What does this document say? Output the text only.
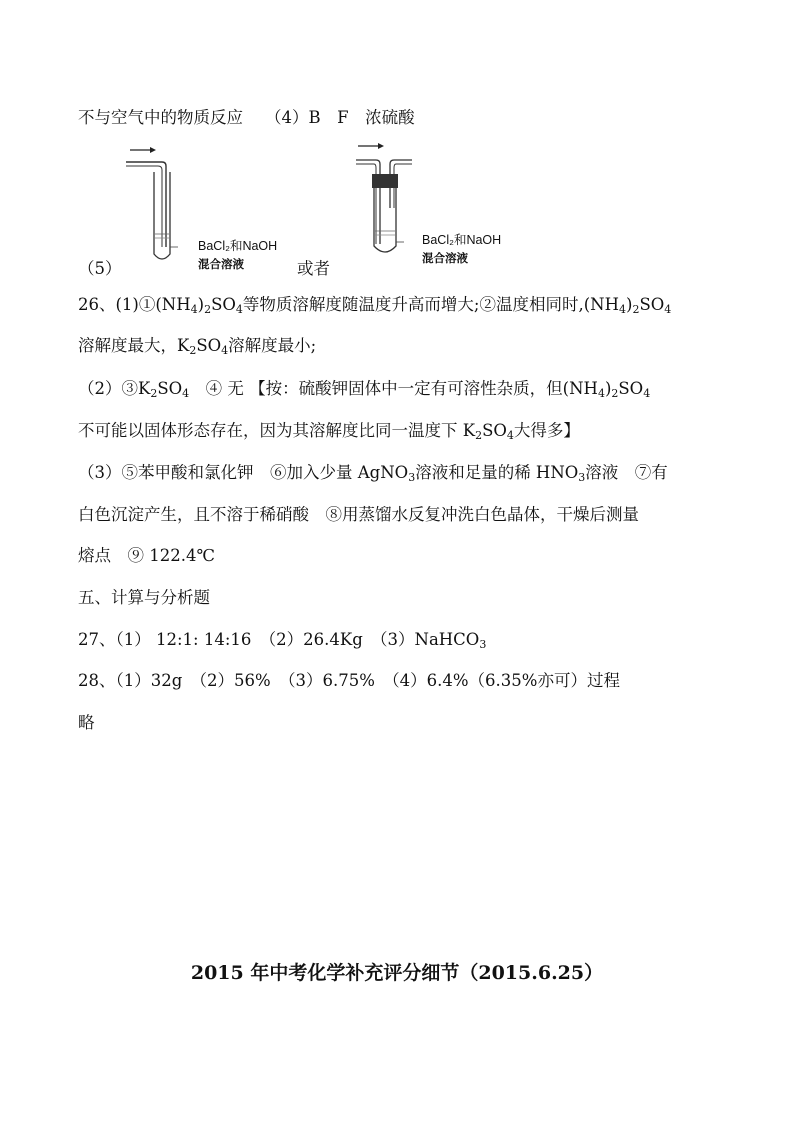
不与空气中的物质反应 （4）B　F　浓硫酸
BaCl₂和NaOH
混合溶液
BaCl₂和NaOH
混合溶液
（5）	或者
26、$(1)①(NH_4)_2SO_4$等物质溶解度随温度升高而增大;②温度相同时$,(NH_4)_2SO_4$
溶解度最大，$K_2SO_4$溶解度最小;
$(2)③K_2SO_4$　④ 无 【按：硫酸钾固体中一定有可溶性杂质，但$(NH_4)_2SO_4$
不可能以固体形态存在，因为其溶解度比同一温度下 $K_2SO_4$大得多】
（3）⑤苯甲酸和氯化钾　⑥加入少量 AgNO$_3$溶液和足量的稀 $HNO_3$溶液　⑦有
白色沉淀产生，且不溶于稀硝酸　⑧用蒸馏水反复冲洗白色晶体，干燥后测量
熔点　⑨ 122.4℃
五、计算与分析题
27、（1） 12:1: 14:16　（2）26.4Kg　（3）NaHCO$_3$
28、（1）32g　（2）56%　（3）6.75%　（4）6.4%（6.35%亦可）过程
略
2015 年中考化学补充评分细节（2015.6.25）
